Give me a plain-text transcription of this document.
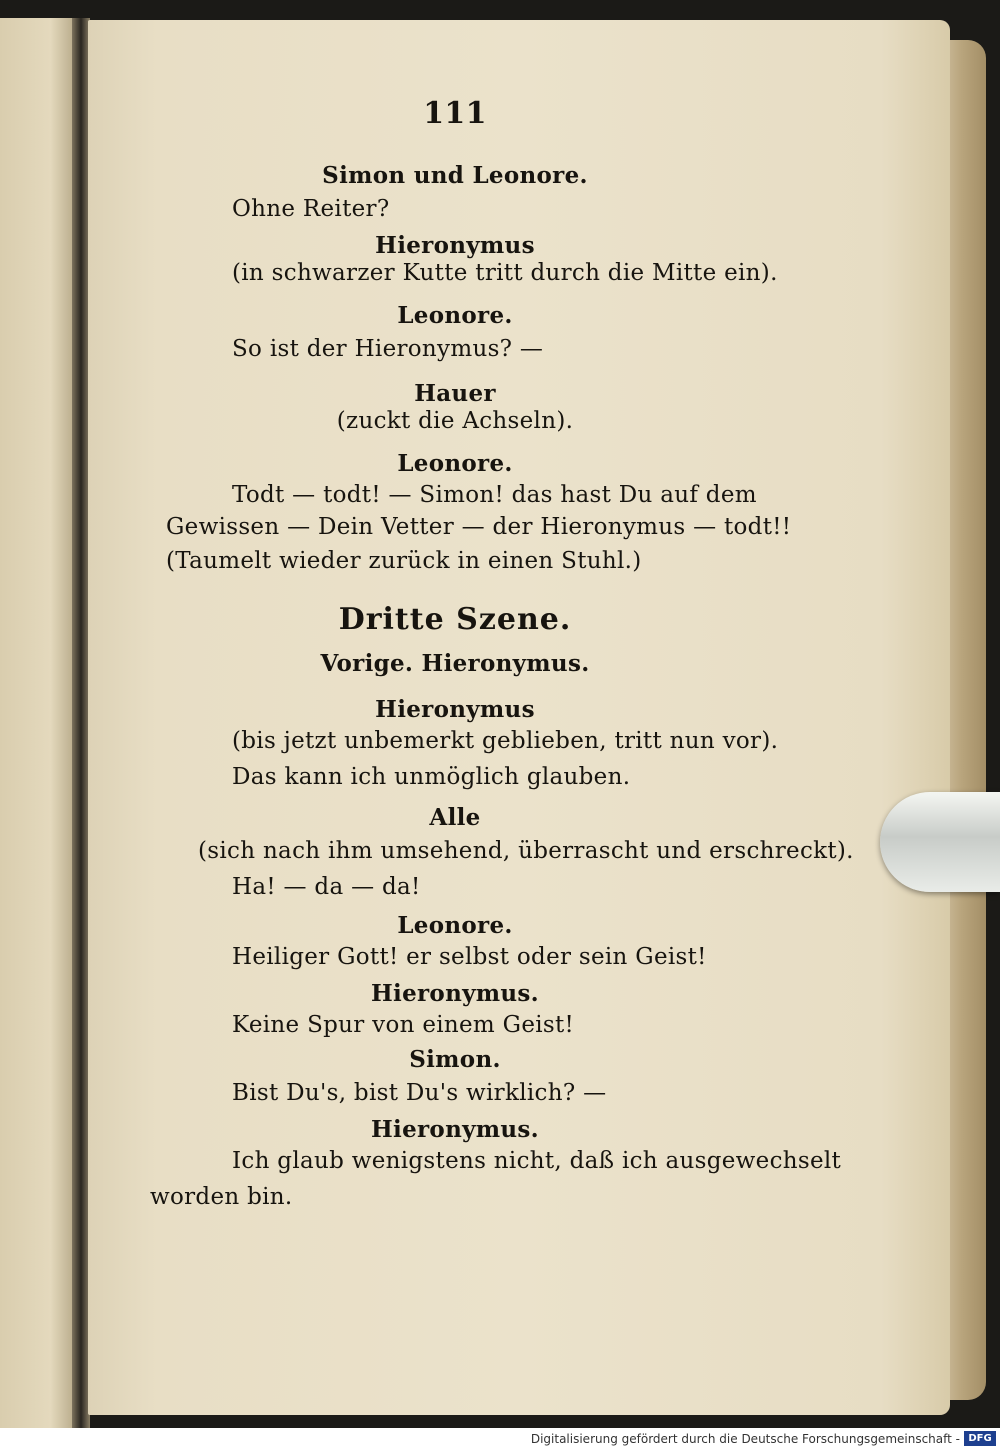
111
Simon und Leonore.
Ohne Reiter?
Hieronymus
(in schwarzer Kutte tritt durch die Mitte ein).
Leonore.
So ist der Hieronymus? —
Hauer
(zuckt die Achseln).
Leonore.
Todt — todt! — Simon! das hast Du auf dem
Gewissen — Dein Vetter — der Hieronymus — todt!!
(Taumelt wieder zurück in einen Stuhl.)
Dritte Szene.
Vorige. Hieronymus.
Hieronymus
(bis jetzt unbemerkt geblieben, tritt nun vor).
Das kann ich unmöglich glauben.
Alle
(sich nach ihm umsehend, überrascht und erschreckt).
Ha! — da — da!
Leonore.
Heiliger Gott! er selbst oder sein Geist!
Hieronymus.
Keine Spur von einem Geist!
Simon.
Bist Du's, bist Du's wirklich? —
Hieronymus.
Ich glaub wenigstens nicht, daß ich ausgewechselt
worden bin.
Digitalisierung gefördert durch die Deutsche Forschungsgemeinschaft - DFG
